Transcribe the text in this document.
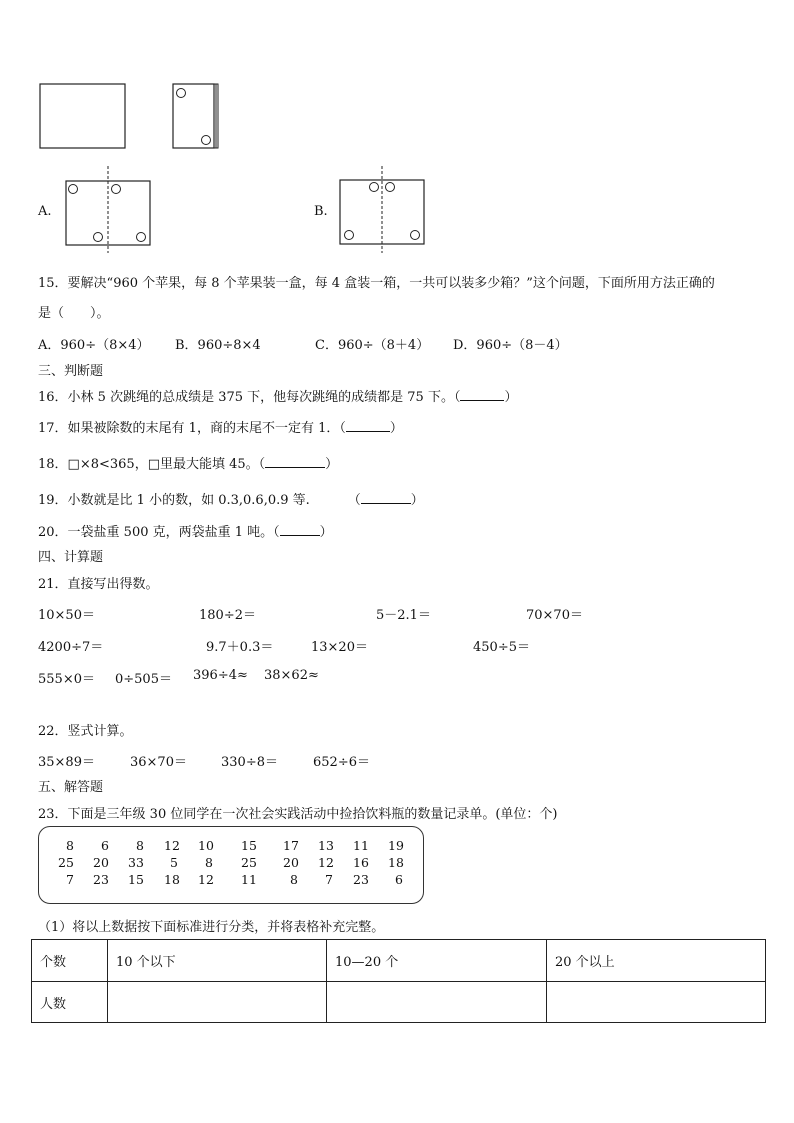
A.	B.
15．要解决“960 个苹果，每 8 个苹果装一盒，每 4 盒装一箱，一共可以装多少箱？”这个问题，下面所用方法正确的
是（　　）。
A．960÷（8×4） B．960÷8×4	C．960÷（8＋4） D．960÷（8－4）
三、判断题
16．小林 5 次跳绳的总成绩是 375 下，他每次跳绳的成绩都是 75 下。（	）
17．如果被除数的末尾有 1，商的末尾不一定有 1．（	）
18．□×8<365，□里最大能填 45。（	）
19．小数就是比 1 小的数，如 0.3,0.6,0.9 等.	（	）
20．一袋盐重 500 克，两袋盐重 1 吨。（	）
四、计算题
21．直接写出得数。
10×50＝	180÷2＝	5－2.1＝	70×70＝
4200÷7＝	9.7＋0.3＝	13×20＝	450÷5＝
555×0＝ 0÷505＝ 396÷4≈ 38×62≈
22．竖式计算。
35×89＝	36×70＝	330÷8＝	652÷6＝
五、解答题
23．下面是三年级 30 位同学在一次社会实践活动中捡拾饮料瓶的数量记录单。(单位：个)
8	6	8	12	10	15	17	13	11	19
25	20	33	5	8	25	20	12	16	18
7	23	15	18	12	11	8	7	23	6
（1）将以上数据按下面标准进行分类，并将表格补充完整。
个数	10 个以下	10—20 个	20 个以上
人数			
